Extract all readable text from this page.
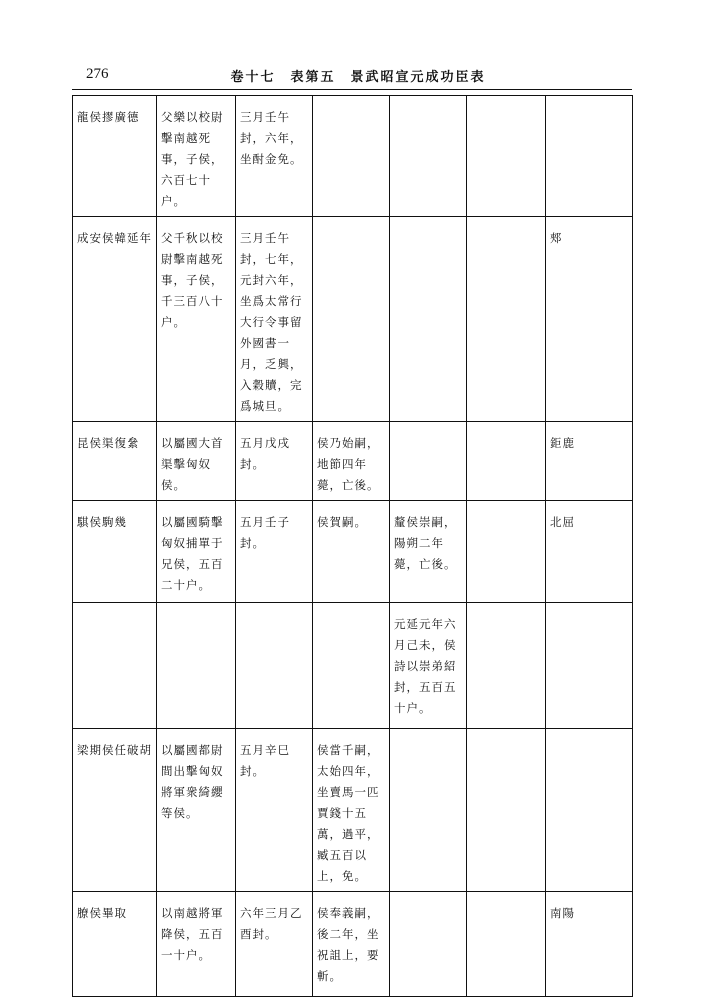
276	卷十七　表第五　景武昭宣元成功臣表
龍侯摎廣德	父樂以校尉擊南越死事，子侯，六百七十户。	三月壬午封，六年，坐酎金免。				
成安侯韓延年	父千秋以校尉擊南越死事，子侯，千三百八十户。	三月壬午封，七年，元封六年，坐爲太常行大行令事留外國書一月，乏興，入穀贖，完爲城旦。				郟
昆侯渠復絫	以屬國大首渠擊匈奴侯。	五月戊戌封。	侯乃始嗣，地節四年薨，亡後。			鉅鹿
騏侯駒幾	以屬國騎擊匈奴捕單于兄侯，五百二十户。	五月壬子封。	侯賀嗣。	釐侯崇嗣，陽朔二年薨，亡後。		北屈
				元延元年六月己未，侯詩以崇弟紹封，五百五十户。		
梁期侯任破胡	以屬國都尉間出擊匈奴將軍衆綺纓等侯。	五月辛巳封。	侯當千嗣，太始四年，坐賣馬一匹賈錢十五萬，過平，臧五百以上，免。			
膫侯畢取	以南越將軍降侯，五百一十户。	六年三月乙酉封。	侯奉義嗣，後二年，坐祝詛上，要斬。			南陽
